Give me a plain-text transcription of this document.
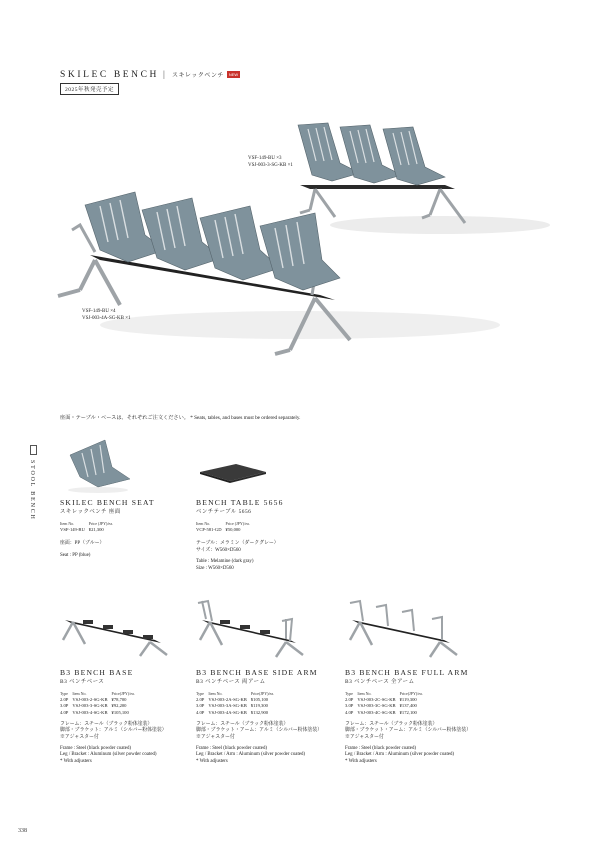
SKILEC BENCH | スキレックベンチ NEW
2025年秋発売予定
VSF-149-BU ×3
VSJ-003-3-SG-KB ×1
VSF-149-BU ×4
VSJ-003-4A-SG-KB ×1
座面・テーブル・ベースは、それぞれご注文ください。 * Seats, tables, and bases must be ordered separately.
STOOL BENCH	SKILEC BENCH SEAT
スキレックベンチ 座面
Item No.	Price (JPY)/ea.
VSF-149-BU	¥21,300
座面：PP（ブルー）
Seat : PP (blue)
BENCH TABLE 5656
ベンチテーブル 5656
Item No.	Price (JPY)/ea.
VCP-581-GD	¥50,000
テーブル：メラミン（ダークグレー）
サイズ：W560×D560
Table : Melamine (dark gray)
Size : W560×D560
B3 BENCH BASE
B3 ベンチベース
Type	Item No.	Price(JPY)/ea.
2.0P	VSJ-003-2-SG-KB	¥78,700
3.0P	VSJ-003-3-SG-KB	¥92,200
4.0P	VSJ-003-4-SG-KB	¥105,100
フレーム：スチール（ブラック粉体塗装）
脚部・ブラケット：アルミ（シルバー粉体塗装）
※アジャスター付
Frame : Steel (black powder coated)
Leg / Bracket : Aluminum (silver powder coated)
* With adjusters
B3 BENCH BASE SIDE ARM
B3 ベンチベース 両アーム
Type	Item No.	Price(JPY)/ea.
2.0P	VSJ-003-2A-SG-KB	¥105,100
3.0P	VSJ-003-3A-SG-KB	¥119,300
4.0P	VSJ-003-4A-SG-KB	¥132,900
フレーム：スチール（ブラック粉体塗装）
脚部・ブラケット・アーム：アルミ（シルバー粉体塗装）
※アジャスター付
Frame : Steel (black powder coated)
Leg / Bracket / Arm : Aluminum (silver powder coated)
* With adjusters
B3 BENCH BASE FULL ARM
B3 ベンチベース 全アーム
Type	Item No.	Price(JPY)/ea.
2.0P	VSJ-003-2C-SG-KB	¥119,300
3.0P	VSJ-003-3C-SG-KB	¥137,400
4.0P	VSJ-003-4C-SG-KB	¥172,100
フレーム：スチール（ブラック粉体塗装）
脚部・ブラケット・アーム：アルミ（シルバー粉体塗装）
※アジャスター付
Frame : Steel (black powder coated)
Leg / Bracket / Arm : Aluminum (silver powder coated)
* With adjusters
338
